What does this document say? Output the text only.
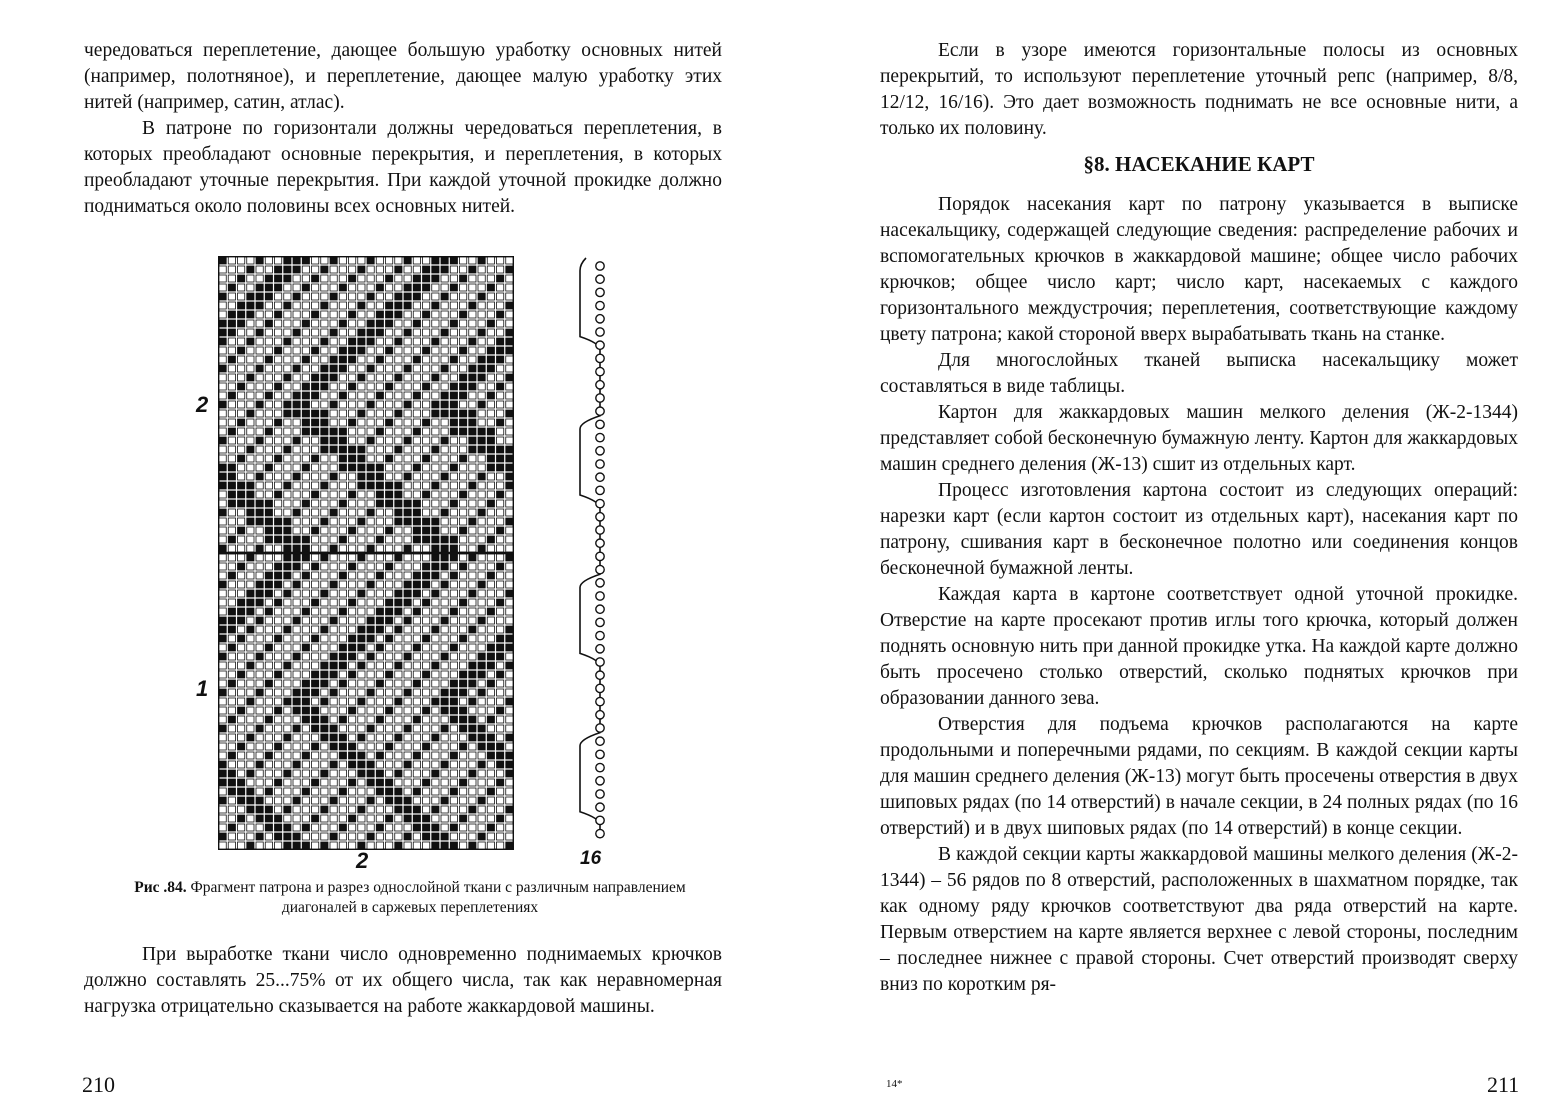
чередоваться переплетение, дающее большую уработку основных нитей (например, полотняное), и переплетение, дающее малую уработку этих нитей (например, сатин, атлас).

В патроне по горизонтали должны чередоваться переплетения, в которых преобладают основные перекрытия, и переплетения, в которых преобладают уточные перекрытия. При каждой уточной прокидке должно подниматься около половины всех основных нитей.

2
1
2	16
Рис .84. Фрагмент патрона и разрез однослойной ткани с различным направлением диагоналей в саржевых переплетениях

При выработке ткани число одновременно поднимаемых крючков должно составлять 25...75% от их общего числа, так как неравномерная нагрузка отрицательно сказывается на работе жаккардовой машины.

210

Если в узоре имеются горизонтальные полосы из основных перекрытий, то используют переплетение уточный репс (например, 8/8, 12/12, 16/16). Это дает возможность поднимать не все основные нити, а только их половину.

§8. НАСЕКАНИЕ КАРТ

Порядок насекания карт по патрону указывается в выписке насекальщику, содержащей следующие сведения: распределение рабочих и вспомогательных крючков в жаккардовой машине; общее число рабочих крючков; общее число карт; число карт, насекаемых с каждого горизонтального междустрочия; переплетения, соответствующие каждому цвету патрона; какой стороной вверх вырабатывать ткань на станке.

Для многослойных тканей выписка насекальщику может составляться в виде таблицы.

Картон для жаккардовых машин мелкого деления (Ж-2-1344) представляет собой бесконечную бумажную ленту. Картон для жаккардовых машин среднего деления (Ж-13) сшит из отдельных карт.

Процесс изготовления картона состоит из следующих операций: нарезки карт (если картон состоит из отдельных карт), насекания карт по патрону, сшивания карт в бесконечное полотно или соединения концов бесконечной бумажной ленты.

Каждая карта в картоне соответствует одной уточной прокидке. Отверстие на карте просекают против иглы того крючка, который должен поднять основную нить при данной прокидке утка. На каждой карте должно быть просечено столько отверстий, сколько поднятых крючков при образовании данного зева.

Отверстия для подъема крючков располагаются на карте продольными и поперечными рядами, по секциям. В каждой секции карты для машин среднего деления (Ж-13) могут быть просечены отверстия в двух шиповых рядах (по 14 отверстий) в начале секции, в 24 полных рядах (по 16 отверстий) и в двух шиповых рядах (по 14 отверстий) в конце секции.

В каждой секции карты жаккардовой машины мелкого деления (Ж-2-1344) – 56 рядов по 8 отверстий, расположенных в шахматном порядке, так как одному ряду крючков соответствуют два ряда отверстий на карте. Первым отверстием на карте является верхнее с левой стороны, последним – последнее нижнее с правой стороны. Счет отверстий производят сверху вниз по коротким ря-

14*	211
